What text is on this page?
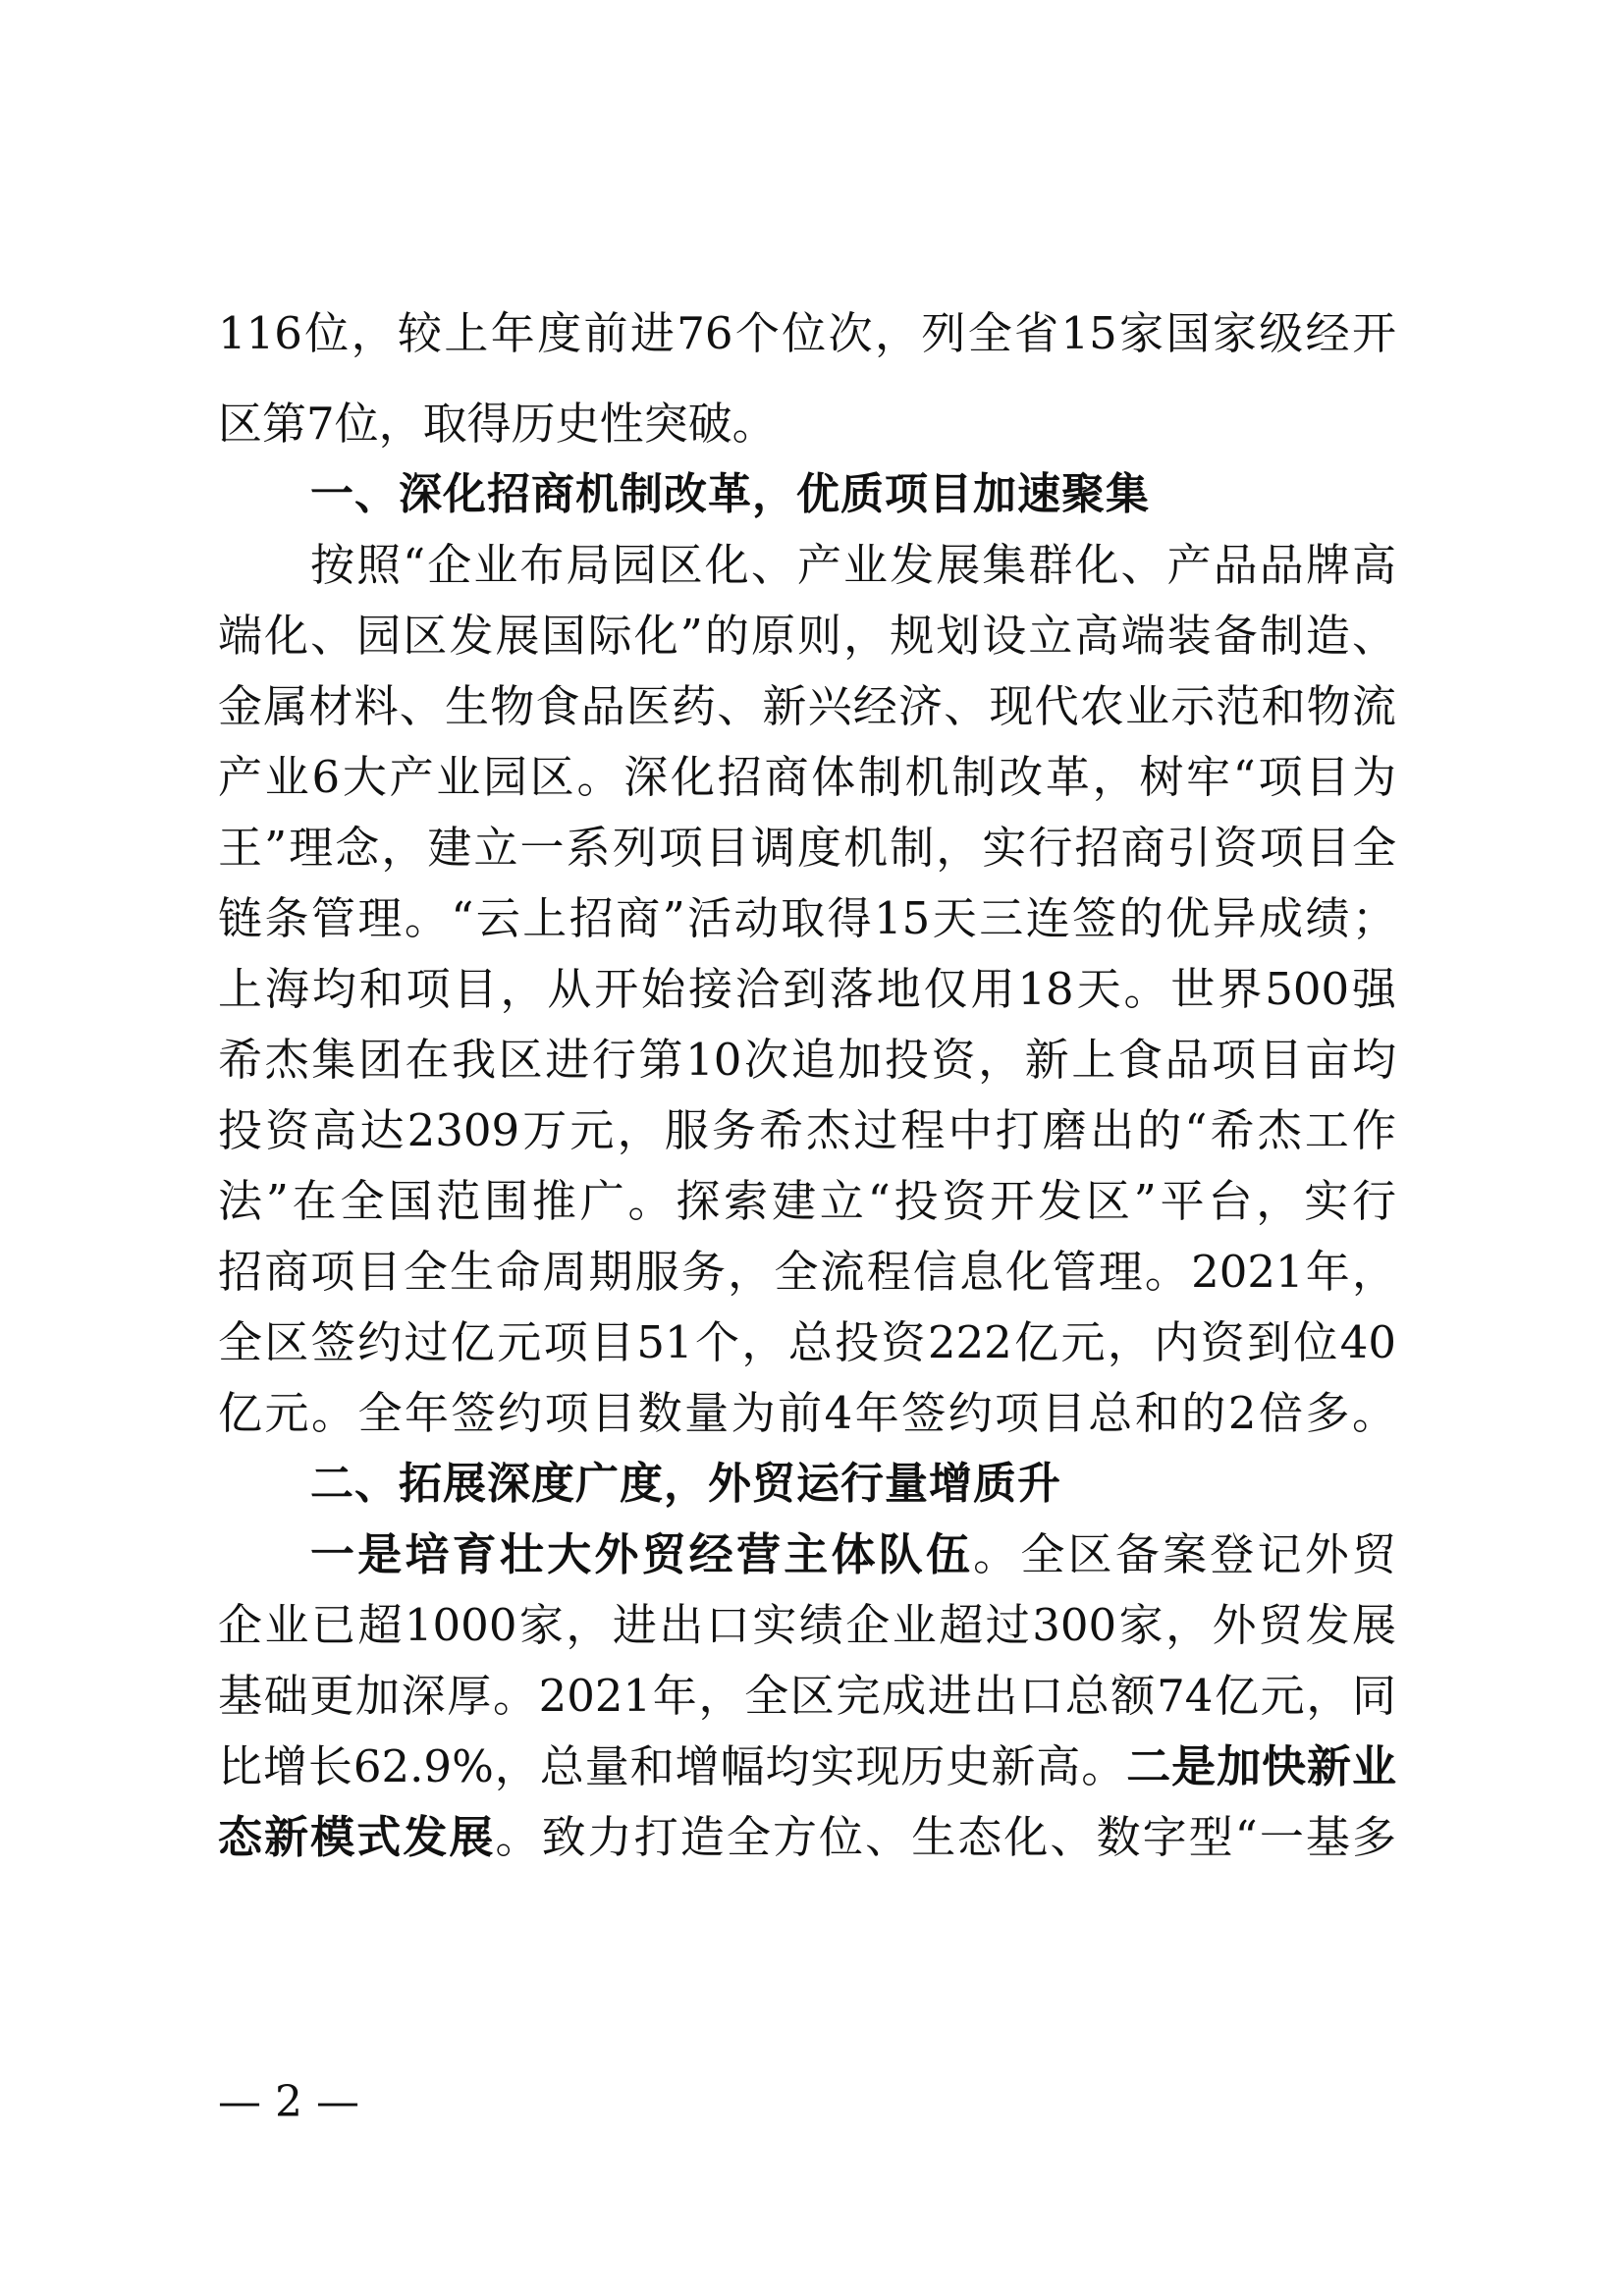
116位，较上年度前进76个位次，列全省15家国家级经开
区第7位，取得历史性突破。
一、深化招商机制改革，优质项目加速聚集
按照“企业布局园区化、产业发展集群化、产品品牌高
端化、园区发展国际化”的原则，规划设立高端装备制造、
金属材料、生物食品医药、新兴经济、现代农业示范和物流
产业6大产业园区。深化招商体制机制改革，树牢“项目为
王”理念，建立一系列项目调度机制，实行招商引资项目全
链条管理。“云上招商”活动取得15天三连签的优异成绩；
上海均和项目，从开始接洽到落地仅用18天。世界500强
希杰集团在我区进行第10次追加投资，新上食品项目亩均
投资高达2309万元，服务希杰过程中打磨出的“希杰工作
法”在全国范围推广。探索建立“投资开发区”平台，实行
招商项目全生命周期服务，全流程信息化管理。2021年，
全区签约过亿元项目51个，总投资222亿元，内资到位40
亿元。全年签约项目数量为前4年签约项目总和的2倍多。
二、拓展深度广度，外贸运行量增质升
一是培育壮大外贸经营主体队伍。全区备案登记外贸
企业已超1000家，进出口实绩企业超过300家，外贸发展
基础更加深厚。2021年，全区完成进出口总额74亿元，同
比增长62.9%，总量和增幅均实现历史新高。二是加快新业
态新模式发展。致力打造全方位、生态化、数字型“一基多
— 2 —
